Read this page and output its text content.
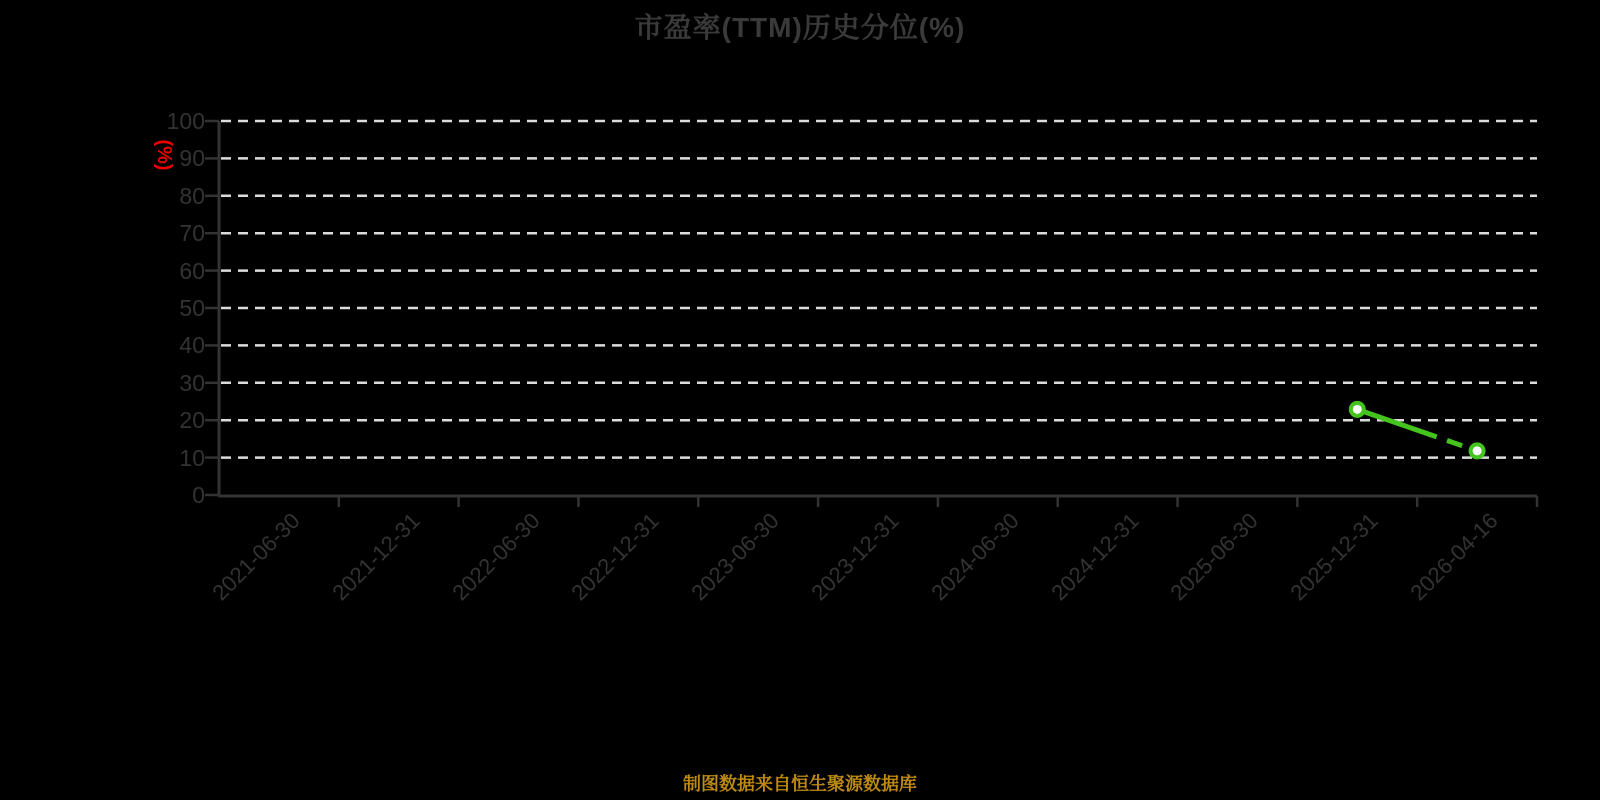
市盈率(TTM)历史分位(%)
(%)
0
10
20
30
40
50
60
70
80
90
100
2021-06-30	2021-12-31	2022-06-30	2022-12-31	2023-06-30	2023-12-31	2024-06-30	2024-12-31	2025-06-30	2025-12-31	2026-04-16
制图数据来自恒生聚源数据库
